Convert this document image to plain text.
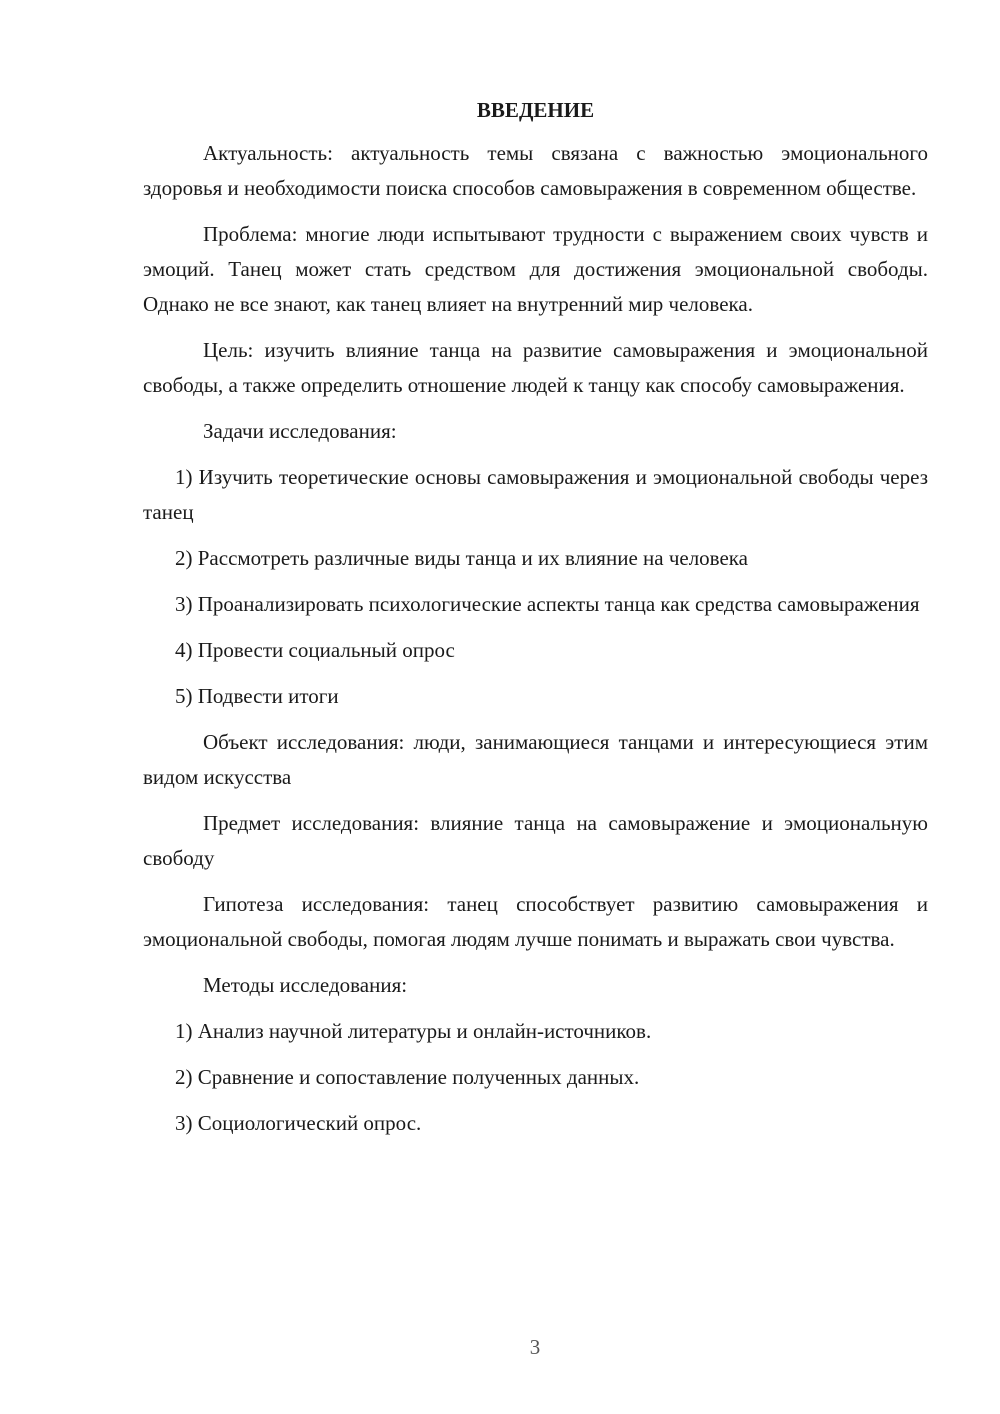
ВВЕДЕНИЕ

Актуальность: актуальность темы связана с важностью эмоционального здоровья и необходимости поиска способов самовыражения в современном обществе.

Проблема: многие люди испытывают трудности с выражением своих чувств и эмоций. Танец может стать средством для достижения эмоциональной свободы. Однако не все знают, как танец влияет на внутренний мир человека.

Цель: изучить влияние танца на развитие самовыражения и эмоциональной свободы, а также определить отношение людей к танцу как способу самовыражения.

Задачи исследования:

1) Изучить теоретические основы самовыражения и эмоциональной свободы через танец

2) Рассмотреть различные виды танца и их влияние на человека

3) Проанализировать психологические аспекты танца как средства самовыражения

4) Провести социальный опрос

5) Подвести итоги

Объект исследования: люди, занимающиеся танцами и интересующиеся этим видом искусства

Предмет исследования: влияние танца на самовыражение и эмоциональную свободу

Гипотеза исследования: танец способствует развитию самовыражения и эмоциональной свободы, помогая людям лучше понимать и выражать свои чувства.

Методы исследования:

1) Анализ научной литературы и онлайн-источников.

2) Сравнение и сопоставление полученных данных.

3) Социологический опрос.

3
